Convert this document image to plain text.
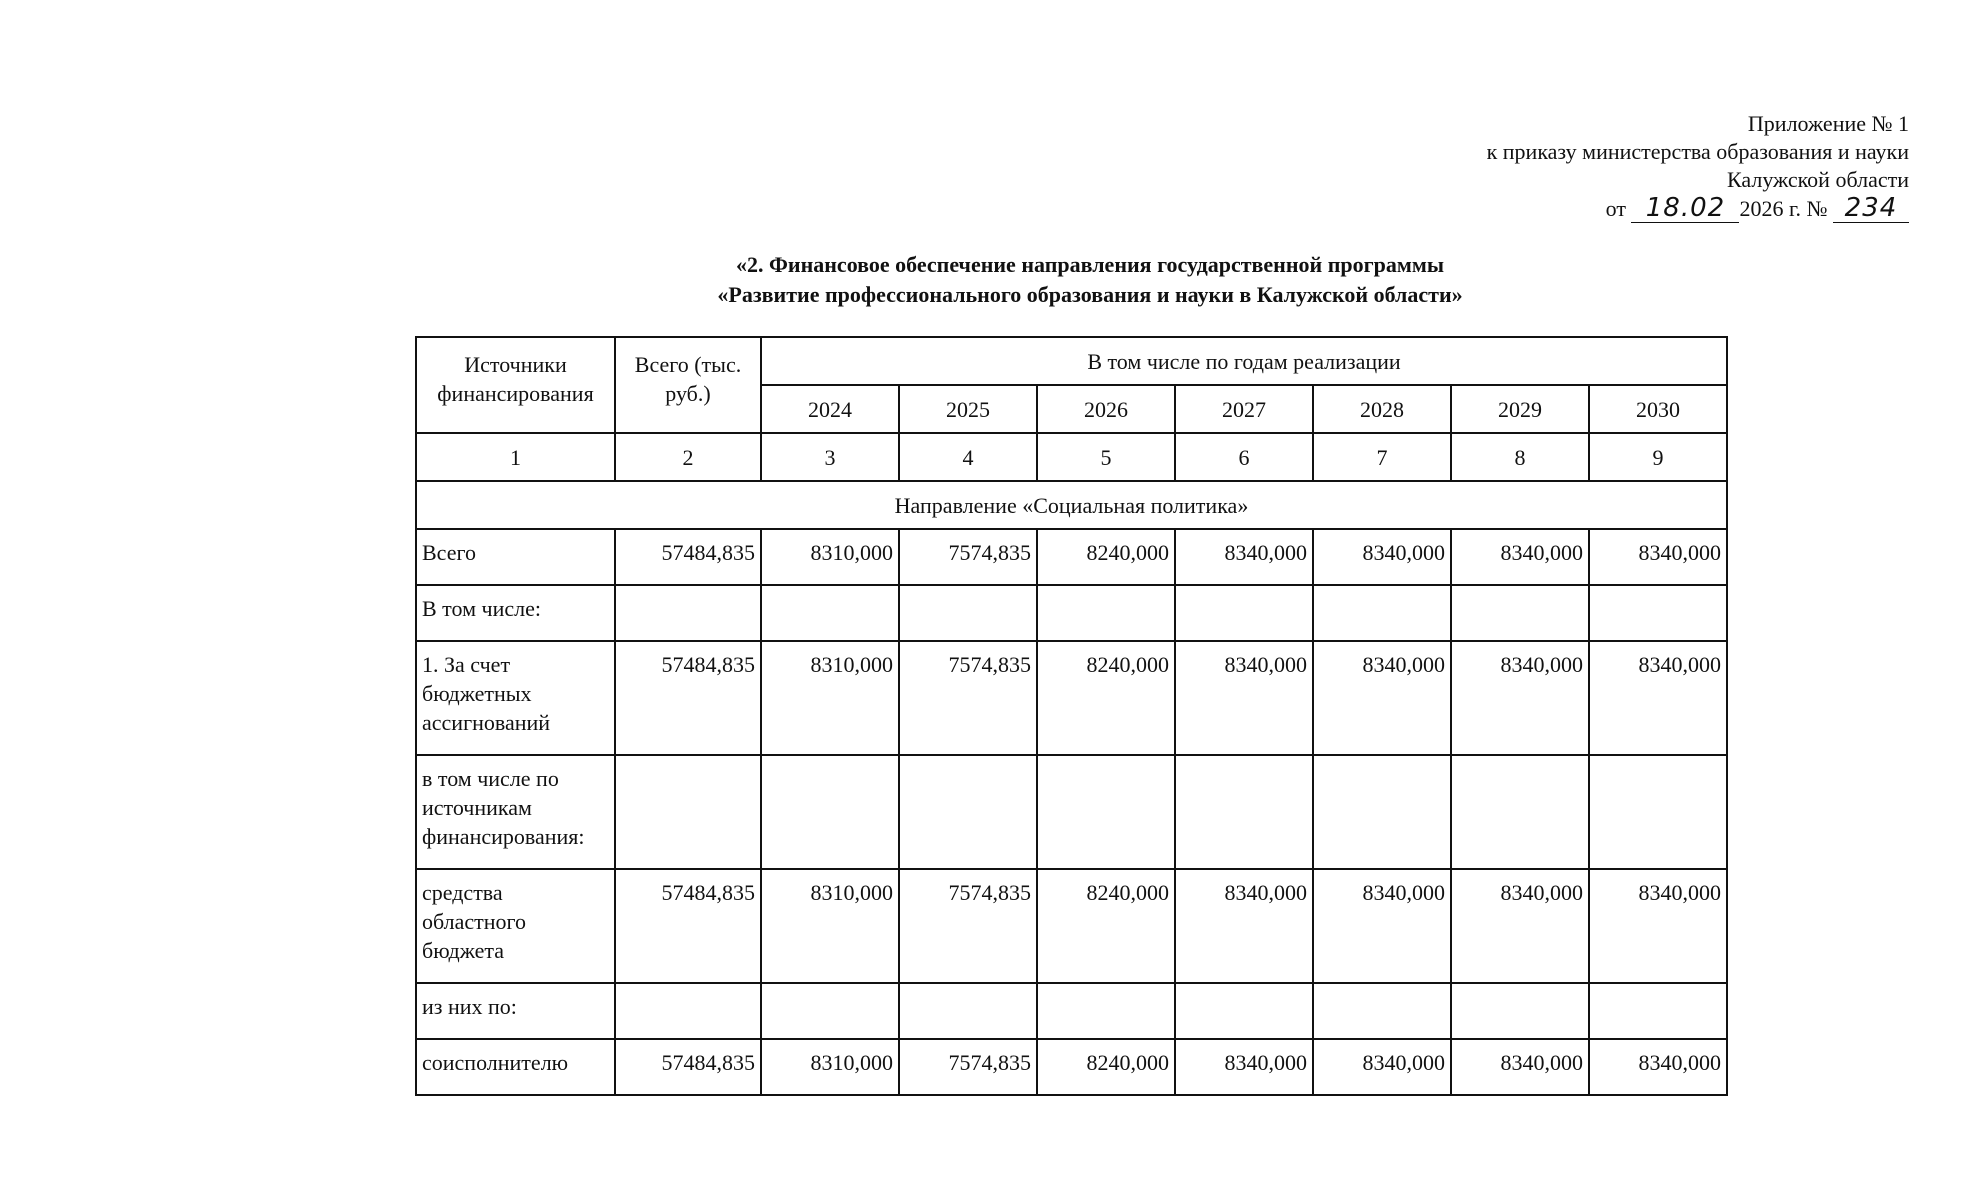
Приложение № 1
к приказу министерства образования и науки
Калужской области
от 18.02 2026 г. № 234
«2. Финансовое обеспечение направления государственной программы
«Развитие профессионального образования и науки в Калужской области»
Источники финансирования	Всего (тыс. руб.)	В том числе по годам реализации						
		2024	2025	2026	2027	2028	2029	2030
1	2	3	4	5	6	7	8	9
Направление «Социальная политика»								
Всего	57484,835	8310,000	7574,835	8240,000	8340,000	8340,000	8340,000	8340,000
В том числе:								
1. За счет бюджетных ассигнований	57484,835	8310,000	7574,835	8240,000	8340,000	8340,000	8340,000	8340,000
в том числе по источникам финансирования:								
средства областного бюджета	57484,835	8310,000	7574,835	8240,000	8340,000	8340,000	8340,000	8340,000
из них по:								
соисполнителю	57484,835	8310,000	7574,835	8240,000	8340,000	8340,000	8340,000	8340,000
